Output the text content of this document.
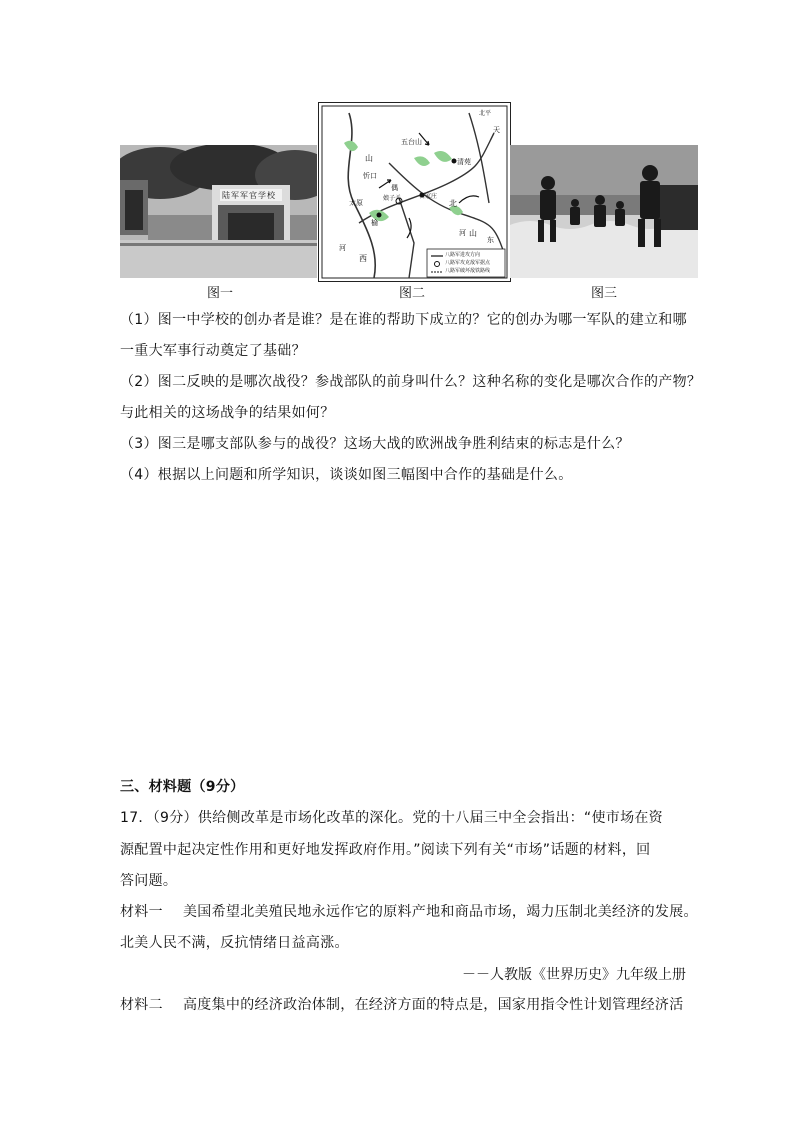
陆军军官学校
图一
北平
天
五台山
清苑
山
忻口
偶
娘子关
太原
石家庄
榆
西
河
北
山
东
河
八路军进攻方向
八路军攻克敌军据点
八路军破坏敌铁路线
图二	图三
（1）图一中学校的创办者是谁？是在谁的帮助下成立的？它的创办为哪一军队的建立和哪
一重大军事行动奠定了基础？
（2）图二反映的是哪次战役？参战部队的前身叫什么？这种名称的变化是哪次合作的产物？
与此相关的这场战争的结果如何？
（3）图三是哪支部队参与的战役？这场大战的欧洲战争胜利结束的标志是什么？
（4）根据以上问题和所学知识，谈谈如图三幅图中合作的基础是什么。
三、材料题（9分）
17．（9分）供给侧改革是市场化改革的深化。党的十八届三中全会指出：“使市场在资
源配置中起决定性作用和更好地发挥政府作用。”阅读下列有关“市场”话题的材料，回
答问题。
材料一 美国希望北美殖民地永远作它的原料产地和商品市场，竭力压制北美经济的发展。
北美人民不满，反抗情绪日益高涨。
－－人教版《世界历史》九年级上册
材料二 高度集中的经济政治体制，在经济方面的特点是，国家用指令性计划管理经济活
